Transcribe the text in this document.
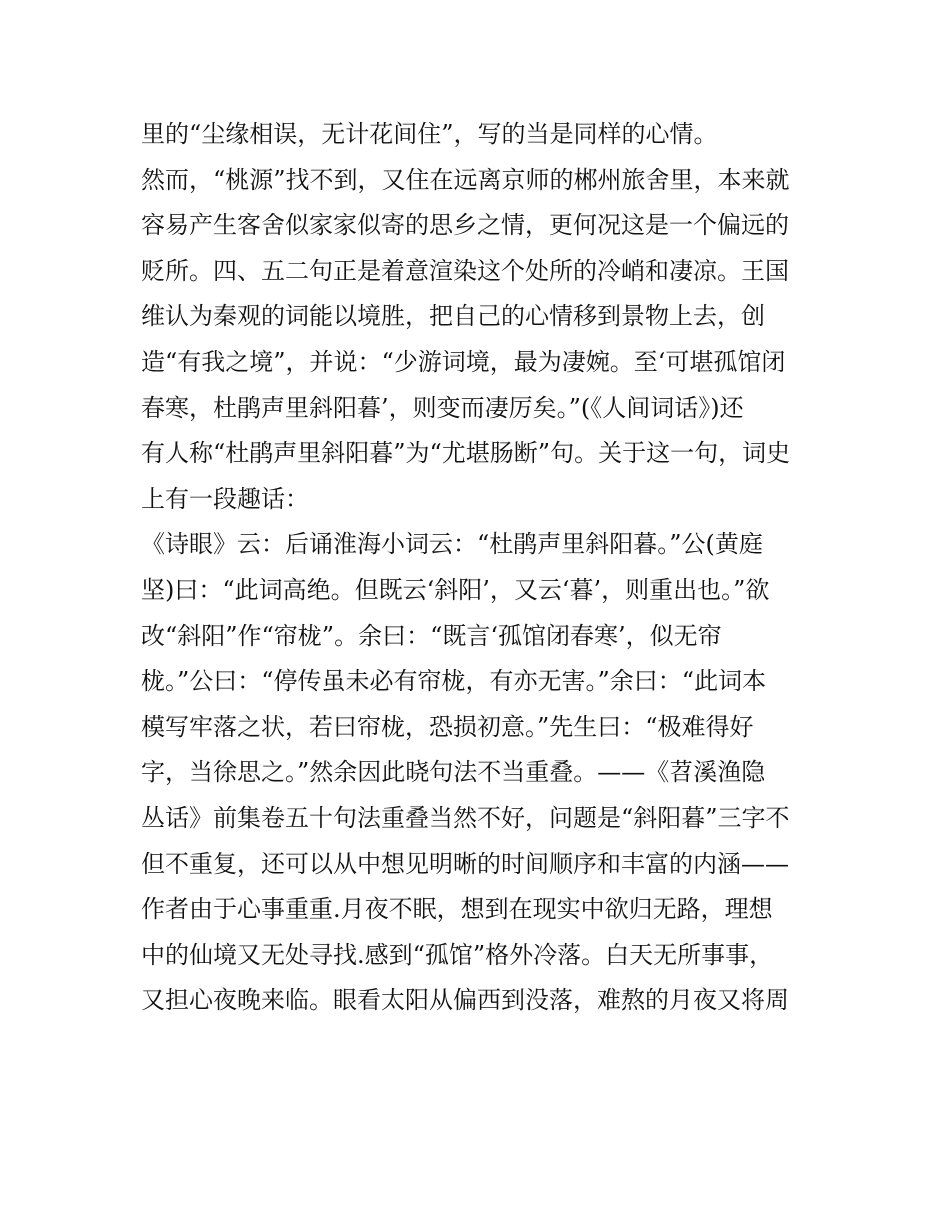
里的“尘缘相误，无计花间住”，写的当是同样的心情。
然而，“桃源”找不到，又住在远离京师的郴州旅舍里，本来就
容易产生客舍似家家似寄的思乡之情，更何况这是一个偏远的
贬所。四、五二句正是着意渲染这个处所的冷峭和凄凉。王国
维认为秦观的词能以境胜，把自己的心情移到景物上去，创
造“有我之境”，并说：“少游词境，最为凄婉。至‘可堪孤馆闭
春寒，杜鹃声里斜阳暮’，则变而凄厉矣。”(《人间词话》)还
有人称“杜鹃声里斜阳暮”为“尤堪肠断”句。关于这一句，词史
上有一段趣话：
《诗眼》云：后诵淮海小词云：“杜鹃声里斜阳暮。”公(黄庭
坚)曰：“此词高绝。但既云‘斜阳’，又云‘暮’，则重出也。”欲
改“斜阳”作“帘栊”。余曰：“既言‘孤馆闭春寒’，似无帘
栊。”公曰：“停传虽未必有帘栊，有亦无害。”余曰：“此词本
模写牢落之状，若曰帘栊，恐损初意。”先生曰：“极难得好
字，当徐思之。”然余因此晓句法不当重叠。——《苕溪渔隐
丛话》前集卷五十句法重叠当然不好，问题是“斜阳暮”三字不
但不重复，还可以从中想见明晰的时间顺序和丰富的内涵——
作者由于心事重重.月夜不眠，想到在现实中欲归无路，理想
中的仙境又无处寻找.感到“孤馆”格外冷落。白天无所事事，
又担心夜晚来临。眼看太阳从偏西到没落，难熬的月夜又将周
